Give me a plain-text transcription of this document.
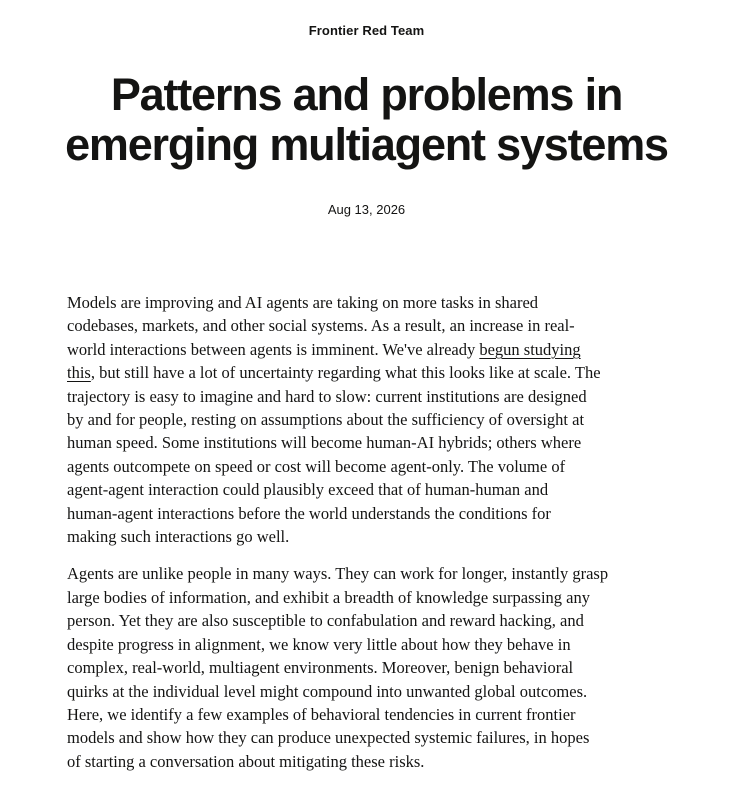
Frontier Red Team
Patterns and problems in
emerging multiagent systems
Aug 13, 2026

Models are improving and AI agents are taking on more tasks in shared
codebases, markets, and other social systems. As a result, an increase in real-
world interactions between agents is imminent. We've already begun studying
this, but still have a lot of uncertainty regarding what this looks like at scale. The
trajectory is easy to imagine and hard to slow: current institutions are designed
by and for people, resting on assumptions about the sufficiency of oversight at
human speed. Some institutions will become human-AI hybrids; others where
agents outcompete on speed or cost will become agent-only. The volume of
agent-agent interaction could plausibly exceed that of human-human and
human-agent interactions before the world understands the conditions for
making such interactions go well.

Agents are unlike people in many ways. They can work for longer, instantly grasp
large bodies of information, and exhibit a breadth of knowledge surpassing any
person. Yet they are also susceptible to confabulation and reward hacking, and
despite progress in alignment, we know very little about how they behave in
complex, real-world, multiagent environments. Moreover, benign behavioral
quirks at the individual level might compound into unwanted global outcomes.
Here, we identify a few examples of behavioral tendencies in current frontier
models and show how they can produce unexpected systemic failures, in hopes
of starting a conversation about mitigating these risks.
